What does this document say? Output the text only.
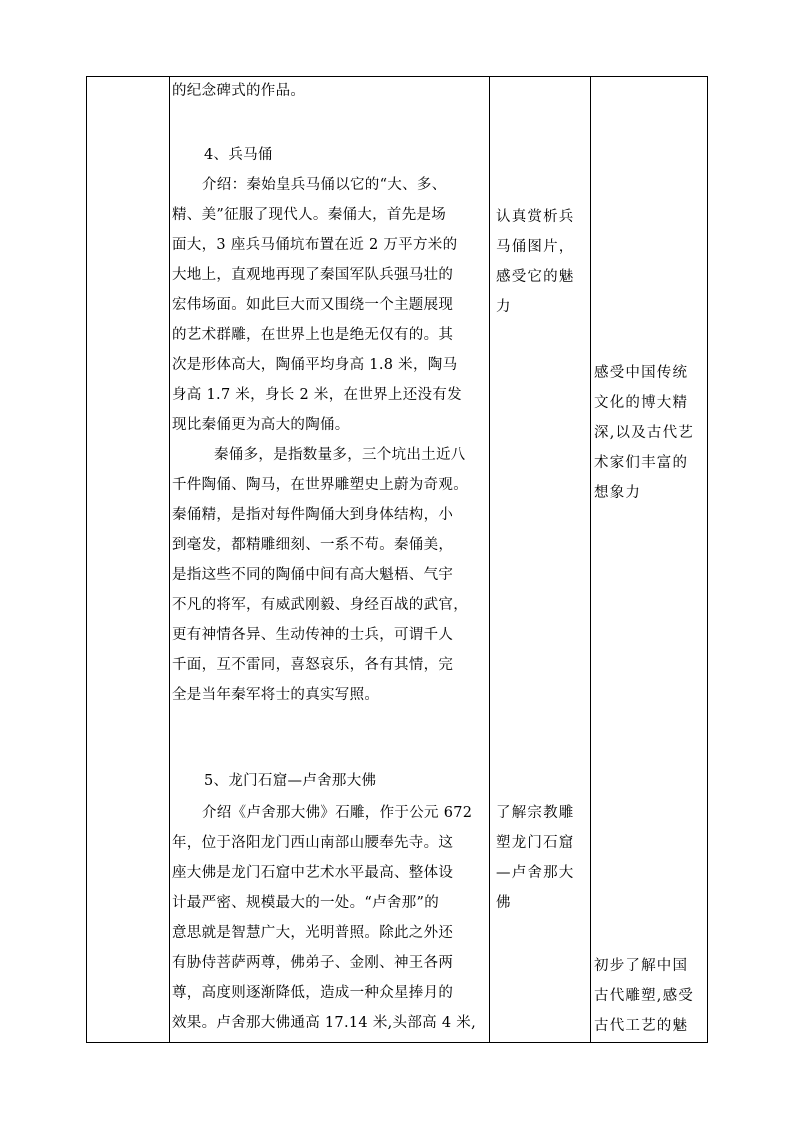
的纪念碑式的作品。
4、兵马俑
介绍：秦始皇兵马俑以它的“大、多、
精、美”征服了现代人。秦俑大，首先是场
面大，3 座兵马俑坑布置在近 2 万平方米的
大地上，直观地再现了秦国军队兵强马壮的
宏伟场面。如此巨大而又围绕一个主题展现
的艺术群雕，在世界上也是绝无仅有的。其
次是形体高大，陶俑平均身高 1.8 米，陶马
身高 1.7 米，身长 2 米，在世界上还没有发
现比秦俑更为高大的陶俑。
秦俑多，是指数量多，三个坑出土近八
千件陶俑、陶马，在世界雕塑史上蔚为奇观。
秦俑精，是指对每件陶俑大到身体结构，小
到毫发，都精雕细刻、一系不苟。秦俑美，
是指这些不同的陶俑中间有高大魁梧、气宇
不凡的将军，有威武刚毅、身经百战的武官，
更有神情各异、生动传神的士兵，可谓千人
千面，互不雷同，喜怒哀乐，各有其情，完
全是当年秦军将士的真实写照。
5、龙门石窟—卢舍那大佛
介绍《卢舍那大佛》石雕，作于公元 672
年，位于洛阳龙门西山南部山腰奉先寺。这
座大佛是龙门石窟中艺术水平最高、整体设
计最严密、规模最大的一处。“卢舍那”的
意思就是智慧广大，光明普照。除此之外还
有胁侍菩萨两尊，佛弟子、金刚、神王各两
尊，高度则逐渐降低，造成一种众星捧月的
效果。卢舍那大佛通高 17.14 米,头部高 4 米,
认真赏析兵
马俑图片，
感受它的魅
力
了解宗教雕
塑龙门石窟
—卢舍那大
佛
感受中国传统
文化的博大精
深,以及古代艺
术家们丰富的
想象力
初步了解中国
古代雕塑,感受
古代工艺的魅
